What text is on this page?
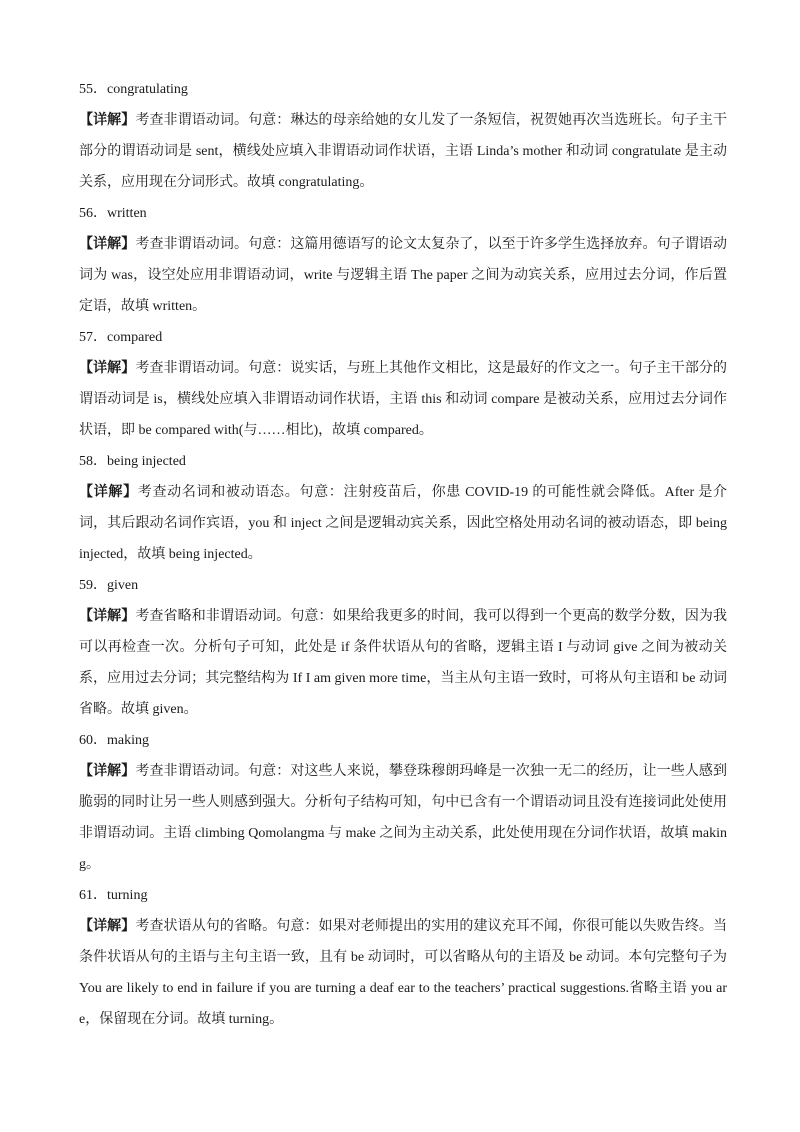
55．congratulating
【详解】考查非谓语动词。句意：琳达的母亲给她的女儿发了一条短信，祝贺她再次当选班长。句子主干部分的谓语动词是 sent，横线处应填入非谓语动词作状语，主语 Linda’s mother 和动词 congratulate 是主动关系，应用现在分词形式。故填 congratulating。
56．written
【详解】考查非谓语动词。句意：这篇用德语写的论文太复杂了，以至于许多学生选择放弃。句子谓语动词为 was，设空处应用非谓语动词，write 与逻辑主语 The paper 之间为动宾关系，应用过去分词，作后置定语，故填 written。
57．compared
【详解】考查非谓语动词。句意：说实话，与班上其他作文相比，这是最好的作文之一。句子主干部分的谓语动词是 is，横线处应填入非谓语动词作状语，主语 this 和动词 compare 是被动关系，应用过去分词作状语，即 be compared with(与……相比)，故填 compared。
58．being injected
【详解】考查动名词和被动语态。句意：注射疫苗后，你患 COVID-19 的可能性就会降低。After 是介词，其后跟动名词作宾语，you 和 inject 之间是逻辑动宾关系，因此空格处用动名词的被动语态，即 being injected，故填 being injected。
59．given
【详解】考查省略和非谓语动词。句意：如果给我更多的时间，我可以得到一个更高的数学分数，因为我可以再检查一次。分析句子可知，此处是 if 条件状语从句的省略，逻辑主语 I 与动词 give 之间为被动关系，应用过去分词；其完整结构为 If I am given more time，当主从句主语一致时，可将从句主语和 be 动词省略。故填 given。
60．making
【详解】考查非谓语动词。句意：对这些人来说，攀登珠穆朗玛峰是一次独一无二的经历，让一些人感到脆弱的同时让另一些人则感到强大。分析句子结构可知，句中已含有一个谓语动词且没有连接词此处使用非谓语动词。主语 climbing Qomolangma 与 make 之间为主动关系，此处使用现在分词作状语，故填 making。
61．turning
【详解】考查状语从句的省略。句意：如果对老师提出的实用的建议充耳不闻，你很可能以失败告终。当条件状语从句的主语与主句主语一致，且有 be 动词时，可以省略从句的主语及 be 动词。本句完整句子为 You are likely to end in failure if you are turning a deaf ear to the teachers’ practical suggestions.省略主语 you are，保留现在分词。故填 turning。
